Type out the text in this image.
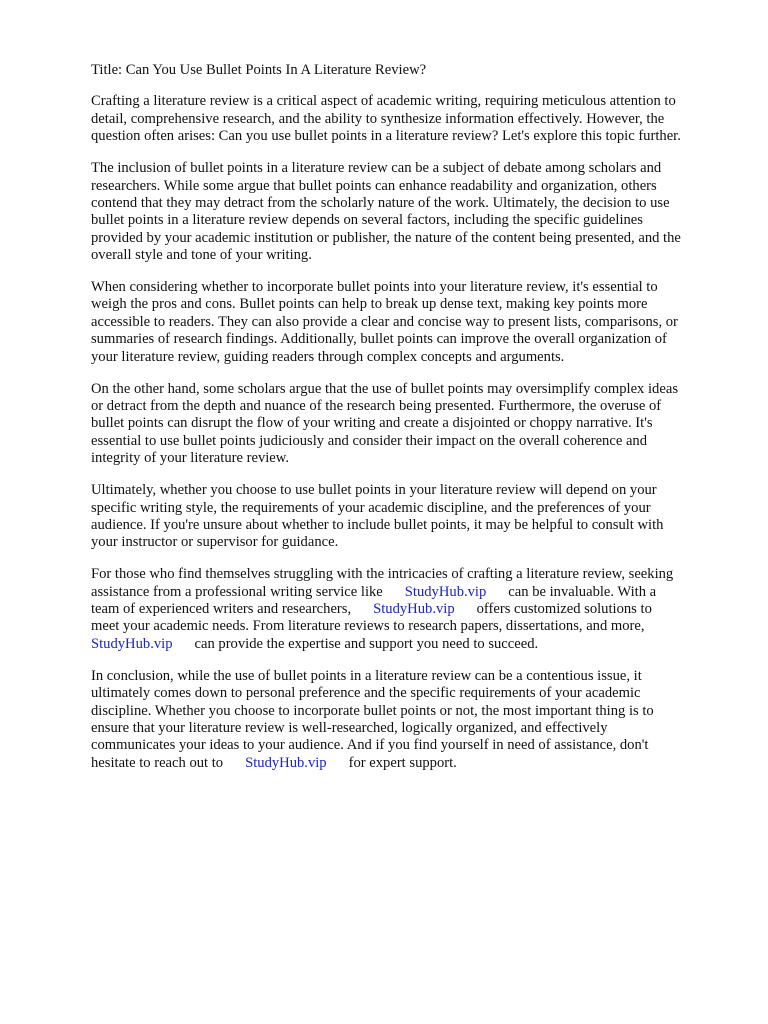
Title: Can You Use Bullet Points In A Literature Review?

Crafting a literature review is a critical aspect of academic writing, requiring meticulous attention to
detail, comprehensive research, and the ability to synthesize information effectively. However, the
question often arises: Can you use bullet points in a literature review? Let's explore this topic further.

The inclusion of bullet points in a literature review can be a subject of debate among scholars and
researchers. While some argue that bullet points can enhance readability and organization, others
contend that they may detract from the scholarly nature of the work. Ultimately, the decision to use
bullet points in a literature review depends on several factors, including the specific guidelines
provided by your academic institution or publisher, the nature of the content being presented, and the
overall style and tone of your writing.

When considering whether to incorporate bullet points into your literature review, it's essential to
weigh the pros and cons. Bullet points can help to break up dense text, making key points more
accessible to readers. They can also provide a clear and concise way to present lists, comparisons, or
summaries of research findings. Additionally, bullet points can improve the overall organization of
your literature review, guiding readers through complex concepts and arguments.

On the other hand, some scholars argue that the use of bullet points may oversimplify complex ideas
or detract from the depth and nuance of the research being presented. Furthermore, the overuse of
bullet points can disrupt the flow of your writing and create a disjointed or choppy narrative. It's
essential to use bullet points judiciously and consider their impact on the overall coherence and
integrity of your literature review.

Ultimately, whether you choose to use bullet points in your literature review will depend on your
specific writing style, the requirements of your academic discipline, and the preferences of your
audience. If you're unsure about whether to include bullet points, it may be helpful to consult with
your instructor or supervisor for guidance.

For those who find themselves struggling with the intricacies of crafting a literature review, seeking
assistance from a professional writing service like StudyHub.vip can be invaluable. With a
team of experienced writers and researchers, StudyHub.vip offers customized solutions to
meet your academic needs. From literature reviews to research papers, dissertations, and more,
StudyHub.vip can provide the expertise and support you need to succeed.

In conclusion, while the use of bullet points in a literature review can be a contentious issue, it
ultimately comes down to personal preference and the specific requirements of your academic
discipline. Whether you choose to incorporate bullet points or not, the most important thing is to
ensure that your literature review is well-researched, logically organized, and effectively
communicates your ideas to your audience. And if you find yourself in need of assistance, don't
hesitate to reach out to StudyHub.vip for expert support.
